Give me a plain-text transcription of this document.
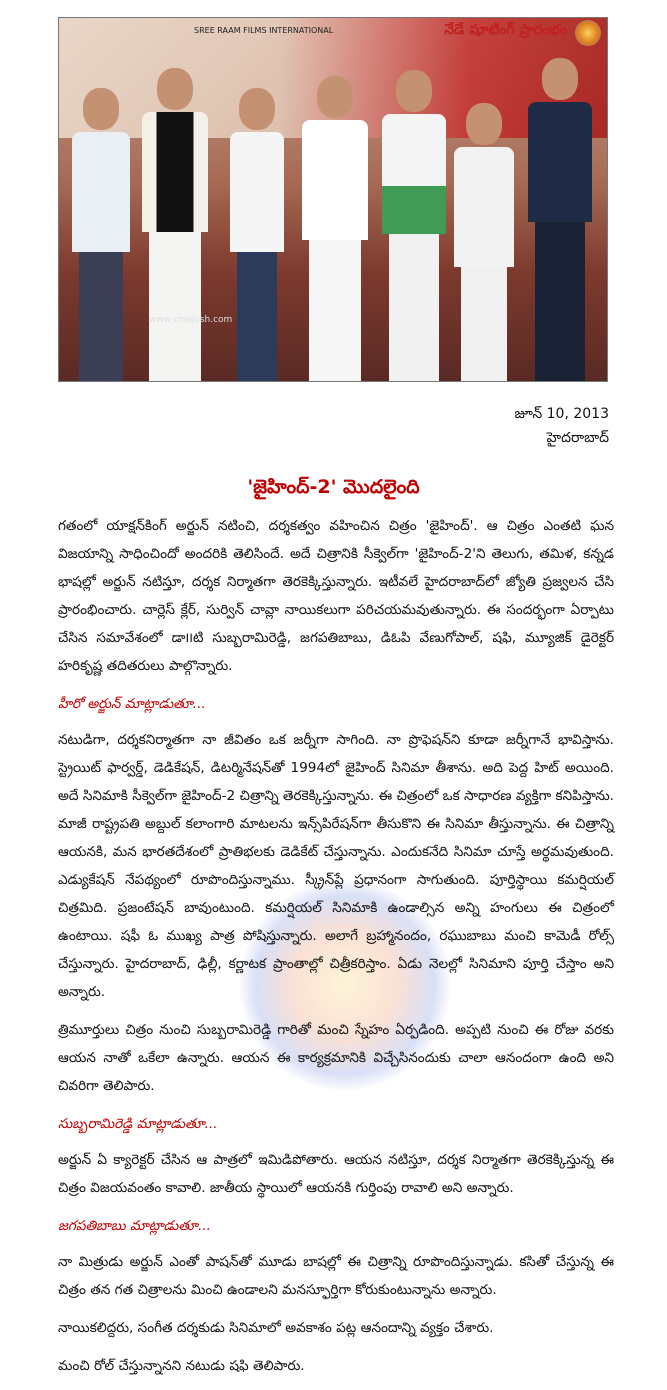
SREE RAAM FILMS INTERNATIONAL	నేడే షూటింగ్ ప్రారంభం
www.cinejosh.com
జూన్ 10, 2013
హైదరాబాద్
'జైహింద్-2' మొదలైంది

గతంలో యాక్షన్‌కింగ్ అర్జున్ నటించి, దర్శకత్వం వహించిన చిత్రం 'జైహింద్'. ఆ చిత్రం ఎంతటి ఘన విజయాన్ని సాధించిందో అందరికి తెలిసిందే. అదే చిత్రానికి సీక్వెల్‌గా 'జైహింద్-2'ని తెలుగు, తమిళ, కన్నడ భాషల్లో అర్జున్ నటిస్తూ, దర్శక నిర్మాతగా తెరకెక్కిస్తున్నారు. ఇటీవలే హైదరాబాద్‌లో జ్యోతి ప్రజ్వలన చేసి ప్రారంభించారు. చార్లెస్ క్లేర్, సుర్విన్ చావ్లా నాయికలుగా పరిచయమవుతున్నారు. ఈ సందర్భంగా ఏర్పాటు చేసిన సమావేశంలో డా౹౹టి సుబ్బరామిరెడ్డి, జగపతిబాబు, డిఓపి వేణుగోపాల్, షఫి, మ్యూజిక్ డైరెక్టర్ హరికృష్ణ తదితరులు పాల్గొన్నారు.

హీరో అర్జున్ మాట్లాడుతూ...

నటుడిగా, దర్శకనిర్మాతగా నా జీవితం ఒక జర్నీగా సాగింది. నా ప్రొఫెషన్‌ని కూడా జర్నీగానే భావిస్తాను. స్ట్రెయిట్ ఫార్వర్డ్, డెడికేషన్, డిటర్మినేషన్‌తో 1994లో జైహింద్ సినిమా తీశాను. అది పెద్ద హిట్ అయింది. అదే సినిమాకి సీక్వెల్‌గా జైహింద్-2 చిత్రాన్ని తెరకెక్కిస్తున్నాను. ఈ చిత్రంలో ఒక సాధారణ వ్యక్తిగా కనిపిస్తాను. మాజీ రాష్ట్రపతి అబ్దుల్ కలాంగారి మాటలను ఇన్స్‌పిరేషన్‌గా తీసుకొని ఈ సినిమా తీస్తున్నాను. ఈ చిత్రాన్ని ఆయనకి, మన భారతదేశంలో ప్రాతిభలకు డెడికేట్ చేస్తున్నాను. ఎందుకనేది సినిమా చూస్తే అర్థమవుతుంది. ఎడ్యుకేషన్ నేపథ్యంలో రూపొందిస్తున్నాము. స్క్రీన్‌ప్లే ప్రధానంగా సాగుతుంది. పూర్తిస్థాయి కమర్షియల్ చిత్రమిది. ప్రజంటేషన్ బావుంటుంది. కమర్షియల్ సినిమాకి ఉండాల్సిన అన్ని హంగులు ఈ చిత్రంలో ఉంటాయి. షఫీ ఓ ముఖ్య పాత్ర పోషిస్తున్నారు. అలాగే బ్రహ్మానందం, రఘుబాబు మంచి కామెడీ రోల్స్ చేస్తున్నారు. హైదరాబాద్, ఢిల్లీ, కర్ణాటక ప్రాంతాల్లో చిత్రీకరిస్తాం. ఏడు నెలల్లో సినిమాని పూర్తి చేస్తాం అని అన్నారు.

త్రిమూర్తులు చిత్రం నుంచి సుబ్బరామిరెడ్డి గారితో మంచి స్నేహం ఏర్పడింది. అప్పటి నుంచి ఈ రోజు వరకు ఆయన నాతో ఒకేలా ఉన్నారు. ఆయన ఈ కార్యక్రమానికి విచ్చేసినందుకు చాలా ఆనందంగా ఉంది అని చివరిగా తెలిపారు.

సుబ్బరామిరెడ్డి మాట్లాడుతూ...

అర్జున్ ఏ క్యారెక్టర్ చేసిన ఆ పాత్రలో ఇమిడిపోతారు. ఆయన నటిస్తూ, దర్శక నిర్మాతగా తెరకెక్కిస్తున్న ఈ చిత్రం విజయవంతం కావాలి. జాతీయ స్థాయిలో ఆయనకి గుర్తింపు రావాలి అని అన్నారు.

జగపతిబాబు మాట్లాడుతూ...

నా మిత్రుడు అర్జున్ ఎంతో పాషన్‌తో మూడు బాషల్లో ఈ చిత్రాన్ని రూపొందిస్తున్నాడు. కసితో చేస్తున్న ఈ చిత్రం తన గత చిత్రాలను మించి ఉండాలని మనస్ఫూర్తిగా కోరుకుంటున్నాను అన్నారు.

నాయికలిద్దరు, సంగీత దర్శకుడు సినిమాలో అవకాశం పట్ల ఆనందాన్ని వ్యక్తం చేశారు.

మంచి రోల్ చేస్తున్నానని నటుడు షఫి తెలిపారు.
